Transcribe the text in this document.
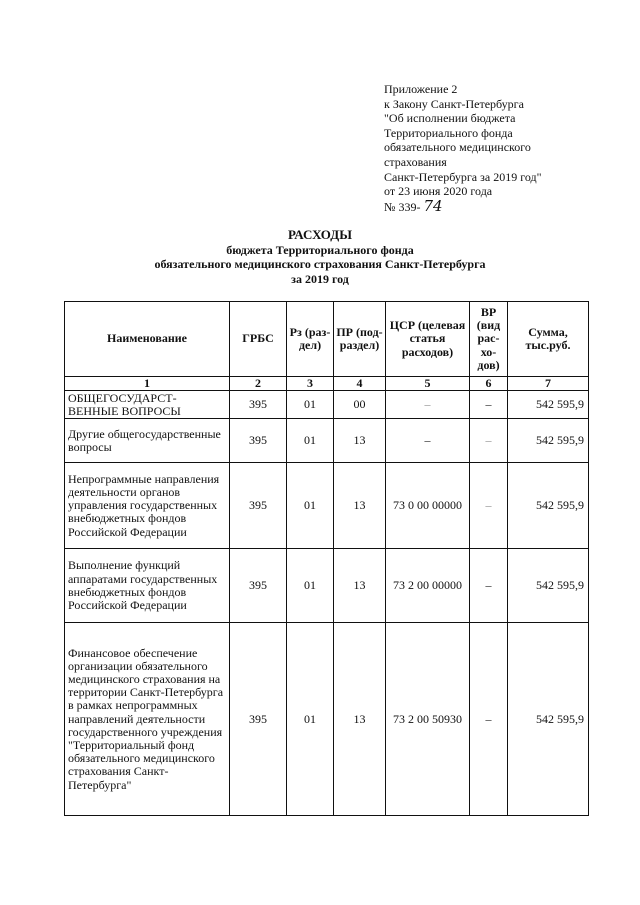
Приложение 2
к Закону Санкт-Петербурга
"Об исполнении бюджета
Территориального фонда
обязательного медицинского
страхования
Санкт-Петербурга за 2019 год"
от 23 июня 2020 года
№ 339- 74
РАСХОДЫ
бюджета Территориального фонда
обязательного медицинского страхования Санкт-Петербурга
за 2019 год
Наименование	ГРБС	Рз (раз-дел)	ПР (под-раздел)	ЦСР (целевая статья расходов)	ВР (вид рас-хо-дов)	Сумма, тыс.руб.
1	2	3	4	5	6	7
ОБЩЕГОСУДАРСТ-ВЕННЫЕ ВОПРОСЫ	395	01	00	–	–	542 595,9
Другие общегосударственные вопросы	395	01	13	–	–	542 595,9
Непрограммные направления деятельности органов управления государственных внебюджетных фондов Российской Федерации	395	01	13	73 0 00 00000	–	542 595,9
Выполнение функций аппаратами государственных внебюджетных фондов Российской Федерации	395	01	13	73 2 00 00000	–	542 595,9
Финансовое обеспечение организации обязательного медицинского страхования на территории Санкт-Петербурга в рамках непрограммных направлений деятельности государственного учреждения "Территориальный фонд обязательного медицинского страхования Санкт-Петербурга"	395	01	13	73 2 00 50930	–	542 595,9
